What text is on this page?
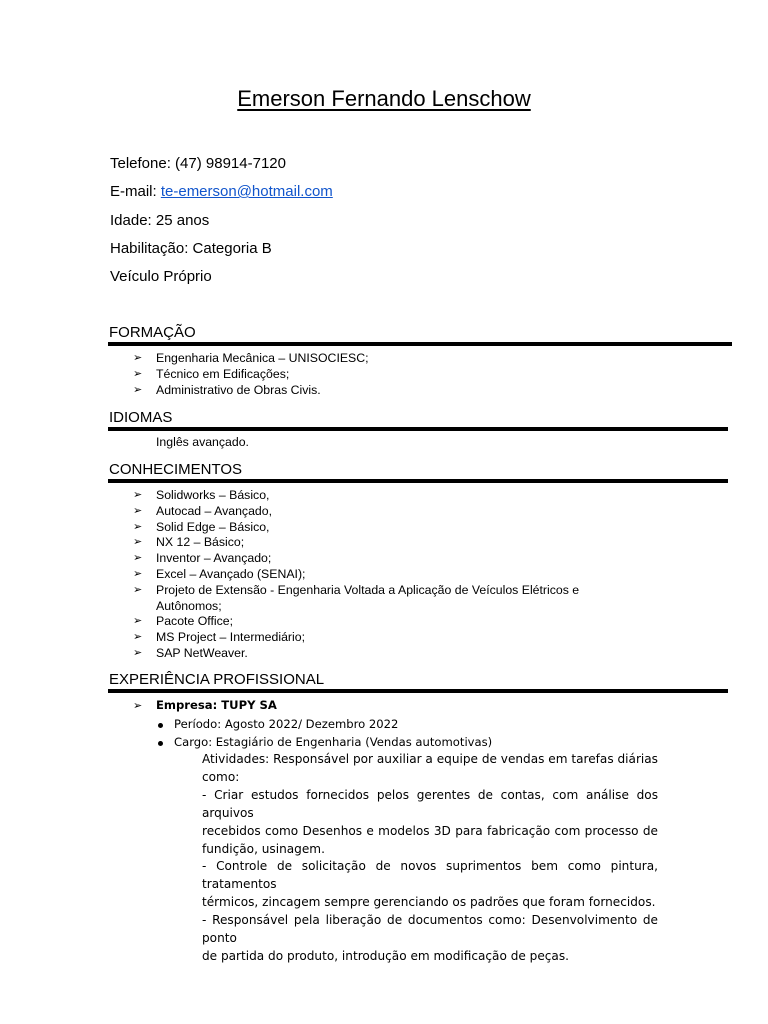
Emerson Fernando Lenschow
Telefone: (47) 98914-7120
E-mail: te-emerson@hotmail.com
Idade: 25 anos
Habilitação: Categoria B
Veículo Próprio
FORMAÇÃO
➢ Engenharia Mecânica – UNISOCIESC;
➢ Técnico em Edificações;
➢ Administrativo de Obras Civis.
IDIOMAS
Inglês avançado.
CONHECIMENTOS
➢ Solidworks – Básico,
➢ Autocad – Avançado,
➢ Solid Edge – Básico,
➢ NX 12 – Básico;
➢ Inventor – Avançado;
➢ Excel – Avançado (SENAI);
➢ Projeto de Extensão - Engenharia Voltada a Aplicação de Veículos Elétricos e
Autônomos;
➢ Pacote Office;
➢ MS Project – Intermediário;
➢ SAP NetWeaver.
EXPERIÊNCIA PROFISSIONAL
➢ Empresa: TUPY SA
Período: Agosto 2022/ Dezembro 2022
Cargo: Estagiário de Engenharia (Vendas automotivas)
Atividades: Responsável por auxiliar a equipe de vendas em tarefas diárias
como:
- Criar estudos fornecidos pelos gerentes de contas, com análise dos arquivos
recebidos como Desenhos e modelos 3D para fabricação com processo de
fundição, usinagem.
- Controle de solicitação de novos suprimentos bem como pintura, tratamentos
térmicos, zincagem sempre gerenciando os padrões que foram fornecidos.
- Responsável pela liberação de documentos como: Desenvolvimento de ponto
de partida do produto, introdução em modificação de peças.
